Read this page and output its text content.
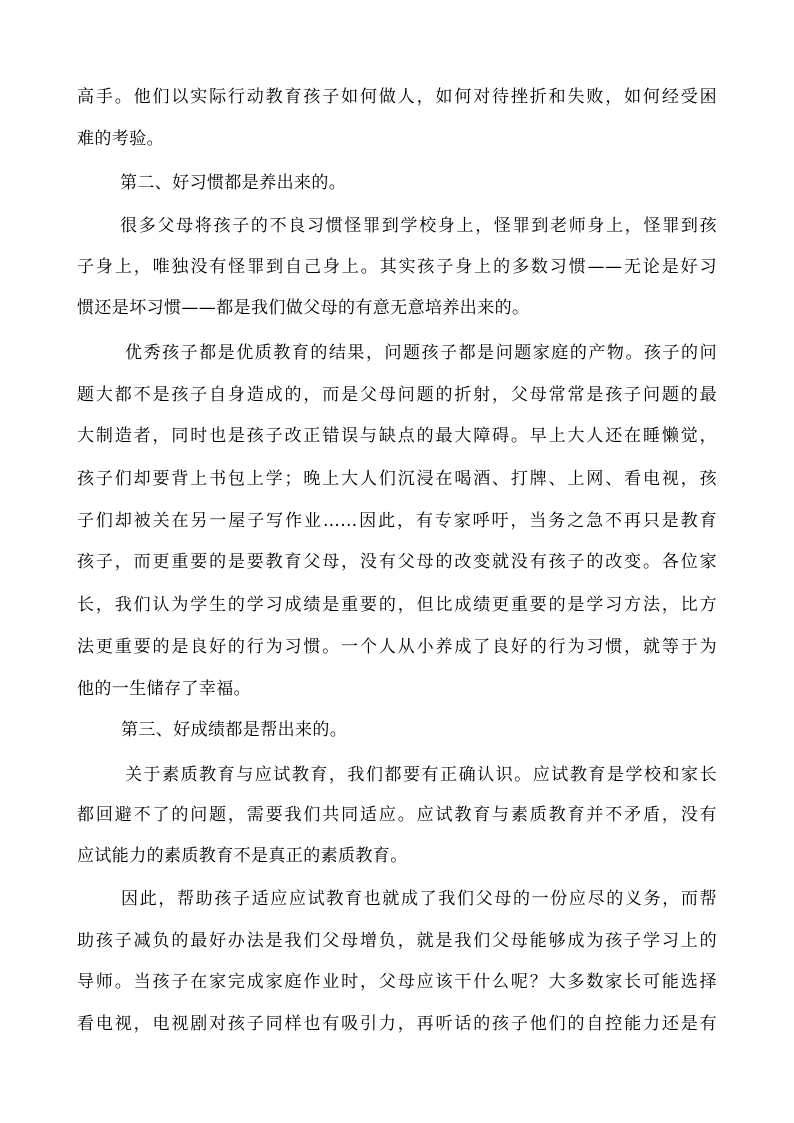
高手。他们以实际行动教育孩子如何做人，如何对待挫折和失败，如何经受困
难的考验。
第二、好习惯都是养出来的。
很多父母将孩子的不良习惯怪罪到学校身上，怪罪到老师身上，怪罪到孩
子身上，唯独没有怪罪到自己身上。其实孩子身上的多数习惯——无论是好习
惯还是坏习惯——都是我们做父母的有意无意培养出来的。
优秀孩子都是优质教育的结果，问题孩子都是问题家庭的产物。孩子的问
题大都不是孩子自身造成的，而是父母问题的折射，父母常常是孩子问题的最
大制造者，同时也是孩子改正错误与缺点的最大障碍。早上大人还在睡懒觉，
孩子们却要背上书包上学；晚上大人们沉浸在喝酒、打牌、上网、看电视，孩
子们却被关在另一屋子写作业……因此，有专家呼吁，当务之急不再只是教育
孩子，而更重要的是要教育父母，没有父母的改变就没有孩子的改变。各位家
长，我们认为学生的学习成绩是重要的，但比成绩更重要的是学习方法，比方
法更重要的是良好的行为习惯。一个人从小养成了良好的行为习惯，就等于为
他的一生储存了幸福。
第三、好成绩都是帮出来的。
关于素质教育与应试教育，我们都要有正确认识。应试教育是学校和家长
都回避不了的问题，需要我们共同适应。应试教育与素质教育并不矛盾，没有
应试能力的素质教育不是真正的素质教育。
因此，帮助孩子适应应试教育也就成了我们父母的一份应尽的义务，而帮
助孩子减负的最好办法是我们父母增负，就是我们父母能够成为孩子学习上的
导师。当孩子在家完成家庭作业时，父母应该干什么呢？大多数家长可能选择
看电视，电视剧对孩子同样也有吸引力，再听话的孩子他们的自控能力还是有
